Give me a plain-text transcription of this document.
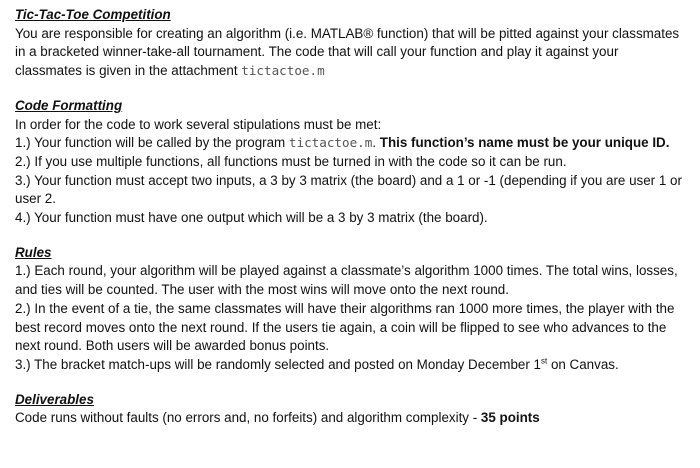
Tic-Tac-Toe Competition

You are responsible for creating an algorithm (i.e. MATLAB® function) that will be pitted against your classmates in a bracketed winner-take-all tournament. The code that will call your function and play it against your classmates is given in the attachment tictactoe.m

Code Formatting

In order for the code to work several stipulations must be met:

1.) Your function will be called by the program tictactoe.m. This function’s name must be your unique ID.

2.) If you use multiple functions, all functions must be turned in with the code so it can be run.

3.) Your function must accept two inputs, a 3 by 3 matrix (the board) and a 1 or -1 (depending if you are user 1 or user 2.

4.) Your function must have one output which will be a 3 by 3 matrix (the board).

Rules

1.) Each round, your algorithm will be played against a classmate’s algorithm 1000 times. The total wins, losses, and ties will be counted. The user with the most wins will move onto the next round.

2.) In the event of a tie, the same classmates will have their algorithms ran 1000 more times, the player with the best record moves onto the next round. If the users tie again, a coin will be flipped to see who advances to the next round. Both users will be awarded bonus points.

3.) The bracket match-ups will be randomly selected and posted on Monday December 1st on Canvas.

Deliverables

Code runs without faults (no errors and, no forfeits) and algorithm complexity - 35 points
